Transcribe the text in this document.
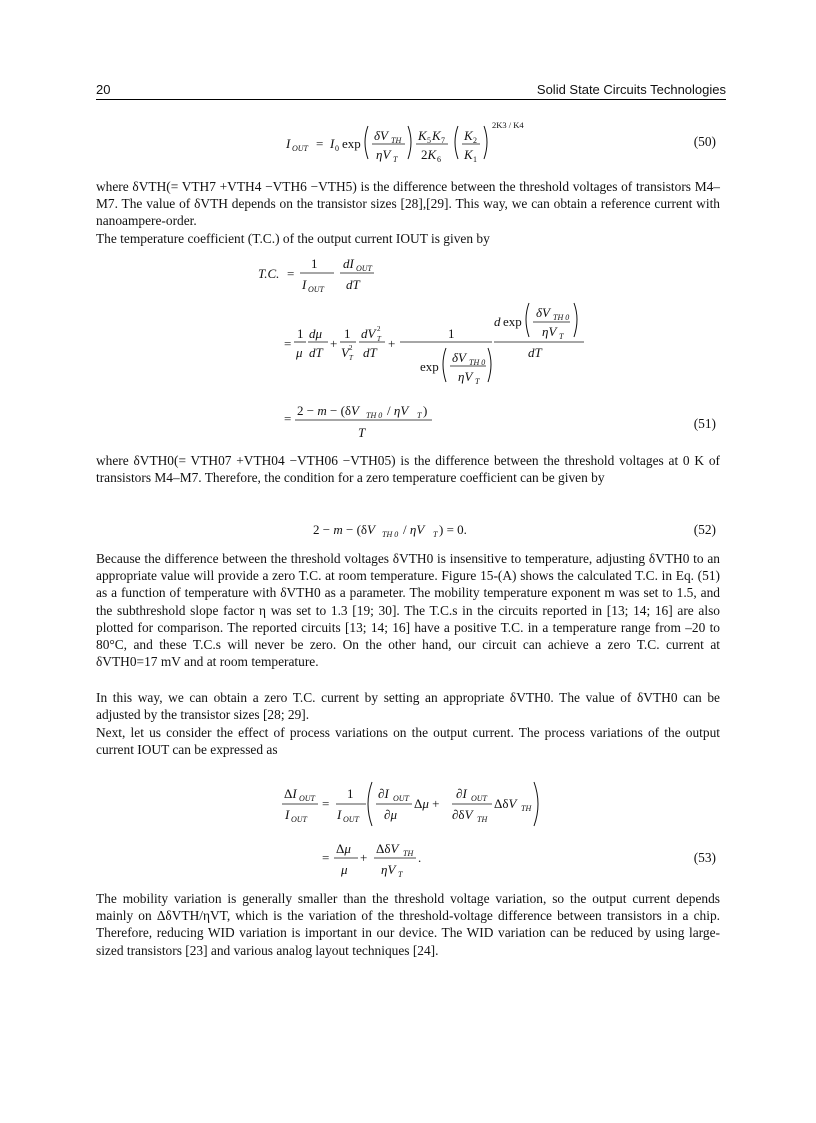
20	Solid State Circuits Technologies
I OUT = I 0 exp
δV TH
ηV T
K 5 K 7
2K 6
K 2
K 1
2K3 / K4
(50)

where δVTH(= VTH7 +VTH4 −VTH6 −VTH5) is the difference between the threshold voltages of transistors M4–M7. The value of δVTH depends on the transistor sizes [28],[29]. This way, we can obtain a reference current with nanoampere-order.

The temperature coefficient (T.C.) of the output current IOUT is given by

T.C. =
1
I OUT
dI OUT
dT
=
1
μ
dμ
dT
+
1
V 2
T
dV 2
T
dT
+
1
exp
δV TH 0
ηV T
d exp
δV TH 0
ηV T
dT
=
2 − m − (δV TH 0 / ηV T )
T
(51)

where δVTH0(= VTH07 +VTH04 −VTH06 −VTH05) is the difference between the threshold voltages at 0 K of transistors M4–M7. Therefore, the condition for a zero temperature coefficient can be given by

2 − m − (δV TH 0 / ηV T ) = 0.	(52)

Because the difference between the threshold voltages δVTH0 is insensitive to temperature, adjusting δVTH0 to an appropriate value will provide a zero T.C. at room temperature. Figure 15-(A) shows the calculated T.C. in Eq. (51) as a function of temperature with δVTH0 as a parameter. The mobility temperature exponent m was set to 1.5, and the subthreshold slope factor η was set to 1.3 [19; 30]. The T.C.s in the circuits reported in [13; 14; 16] are also plotted for comparison. The reported circuits [13; 14; 16] have a positive T.C. in a temperature range from –20 to 80°C, and these T.C.s will never be zero. On the other hand, our circuit can achieve a zero T.C. current at δVTH0=17 mV and at room temperature.

In this way, we can obtain a zero T.C. current by setting an appropriate δVTH0. The value of δVTH0 can be adjusted by the transistor sizes [28; 29].

Next, let us consider the effect of process variations on the output current. The process variations of the output current IOUT can be expressed as

ΔI OUT
I OUT
=
1
I OUT
∂I OUT
∂μ
Δμ +
∂I OUT
∂δV TH
ΔδV TH
=
Δμ
μ
+
ΔδV TH
ηV T
.	(53)

The mobility variation is generally smaller than the threshold voltage variation, so the output current depends mainly on ΔδVTH/ηVT, which is the variation of the threshold-voltage difference between transistors in a chip. Therefore, reducing WID variation is important in our device. The WID variation can be reduced by using large-sized transistors [23] and various analog layout techniques [24].
